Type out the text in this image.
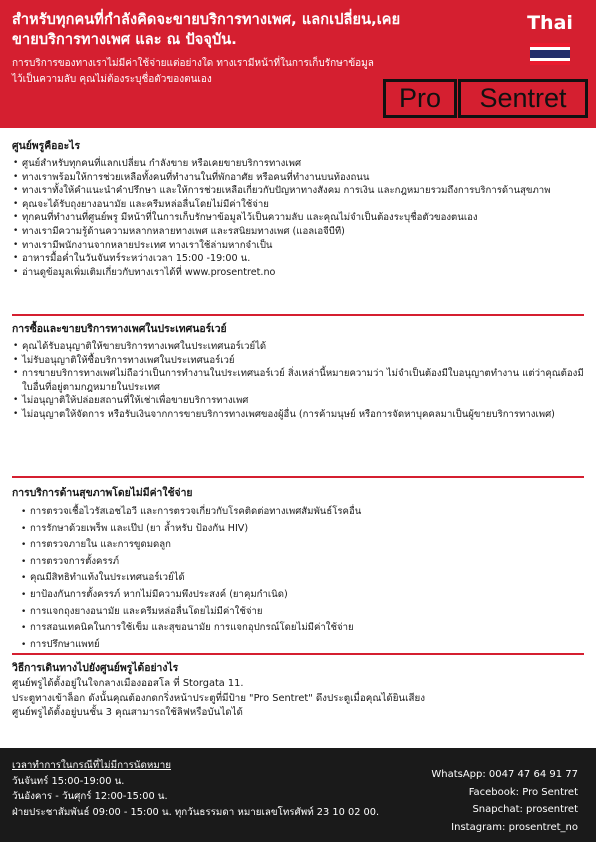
สำหรับทุกคนที่กำลังคิดจะขายบริการทางเพศ, แลกเปลี่ยน,เคยขายบริการทางเพศ และ ณ ปัจจุบัน.
การบริการของทางเราไม่มีค่าใช้จ่ายแต่อย่างใด ทางเรามีหน้าที่ในการเก็บรักษาข้อมูลไว้เป็นความลับ คุณไม่ต้องระบุชื่อตัวของตนเอง
Thai
Pro	Sentret
ศูนย์พรูคืออะไร
• ศูนย์สำหรับทุกคนที่แลกเปลี่ยน กำลังขาย หรือเคยขายบริการทางเพศ
• ทางเราพร้อมให้การช่วยเหลือทั้งคนที่ทำงานในที่พักอาศัย หรือคนที่ทำงานบนท้องถนน
• ทางเราทั้งให้คำแนะนำคำปรึกษา และให้การช่วยเหลือเกี่ยวกับปัญหาทางสังคม การเงิน และกฎหมายรวมถึงการบริการด้านสุขภาพ
• คุณจะได้รับถุงยางอนามัย และครีมหล่อลื่นโดยไม่มีค่าใช้จ่าย
• ทุกคนที่ทำงานที่ศูนย์พรู มีหน้าที่ในการเก็บรักษาข้อมูลไว้เป็นความลับ และคุณไม่จำเป็นต้องระบุชื่อตัวของตนเอง
• ทางเรามีความรู้ด้านความหลากหลายทางเพศ และรสนิยมทางเพศ (แอลเอจีบีที)
• ทางเรามีพนักงานจากหลายประเทศ ทางเราใช้ล่ามหากจำเป็น
• อาหารมื้อค่ำในวันจันทร์ระหว่างเวลา 15:00 -19:00 น.
• อ่านดูข้อมูลเพิ่มเติมเกี่ยวกับทางเราได้ที่ www.prosentret.no
การซื้อและขายบริการทางเพศในประเทศนอร์เวย์
• คุณได้รับอนุญาติให้ขายบริการทางเพศในประเทศนอร์เวย์ได้
• ไม่รับอนุญาติให้ซื้อบริการทางเพศในประเทศนอร์เวย์
• การขายบริการทางเพศไม่ถือว่าเป็นการทำงานในประเทศนอร์เวย์ สิ่งเหล่านี้หมายความว่า ไม่จำเป็นต้องมีใบอนุญาตทำงาน แต่ว่าคุณต้องมีใบอื่นที่อยู่ตามกฎหมายในประเทศ
• ไม่อนุญาติให้ปล่อยสถานที่ให้เช่าเพื่อขายบริการทางเพศ
• ไม่อนุญาตให้จัดการ หรือรับเงินจากการขายบริการทางเพศของผู้อื่น (การค้ามนุษย์ หรือการจัดหาบุคคลมาเป็นผู้ขายบริการทางเพศ)
การบริการด้านสุขภาพโดยไม่มีค่าใช้จ่าย
• การตรวจเชื้อไวรัสเอชไอวี และการตรวจเกี่ยวกับโรคติดต่อทางเพศสัมพันธ์โรคอื่น
• การรักษาด้วยเพร็พ และเป๊ป (ยา ล้ำหรับ ป้องกัน HIV)
• การตรวจภายใน และการขูดมดลูก
• การตรวจการตั้งครรภ์
• คุณมีสิทธิทำแท้งในประเทศนอร์เวย์ได้
• ยาป้องกันการตั้งครรภ์ หากไม่มีความพึงประสงค์ (ยาคุมกำเนิด)
• การแจกถุงยางอนามัย และครีมหล่อลื่นโดยไม่มีค่าใช้จ่าย
• การสอนเทคนิคในการใช้เข็ม และสุขอนามัย การแจกอุปกรณ์โดยไม่มีค่าใช้จ่าย
• การปรึกษาแพทย์
วิธีการเดินทางไปยังศูนย์พรูได้อย่างไร
ศูนย์พรูได้ตั้งอยู่ในใจกลางเมืองออสโล ที่ Storgata 11.
ประตูทางเข้าล็อก ดังนั้นคุณต้องกดกริ่งหน้าประตูที่มีป้าย "Pro Sentret" ดึงประตูเมื่อคุณได้ยินเสียง
ศูนย์พรูได้ตั้งอยู่บนชั้น 3 คุณสามารถใช้ลิฟหรือบันไดได้
เวลาทำการในกรณีที่ไม่มีการนัดหมาย
วันจันทร์ 15:00-19:00 น.
วันอังคาร - วันศุกร์ 12:00-15:00 น.
ฝ่ายประชาสัมพันธ์ 09:00 - 15:00 น. ทุกวันธรรมดา หมายเลขโทรศัพท์ 23 10 02 00.
WhatsApp: 0047 47 64 91 77
Facebook: Pro Sentret
Snapchat: prosentret
Instagram: prosentret_no
